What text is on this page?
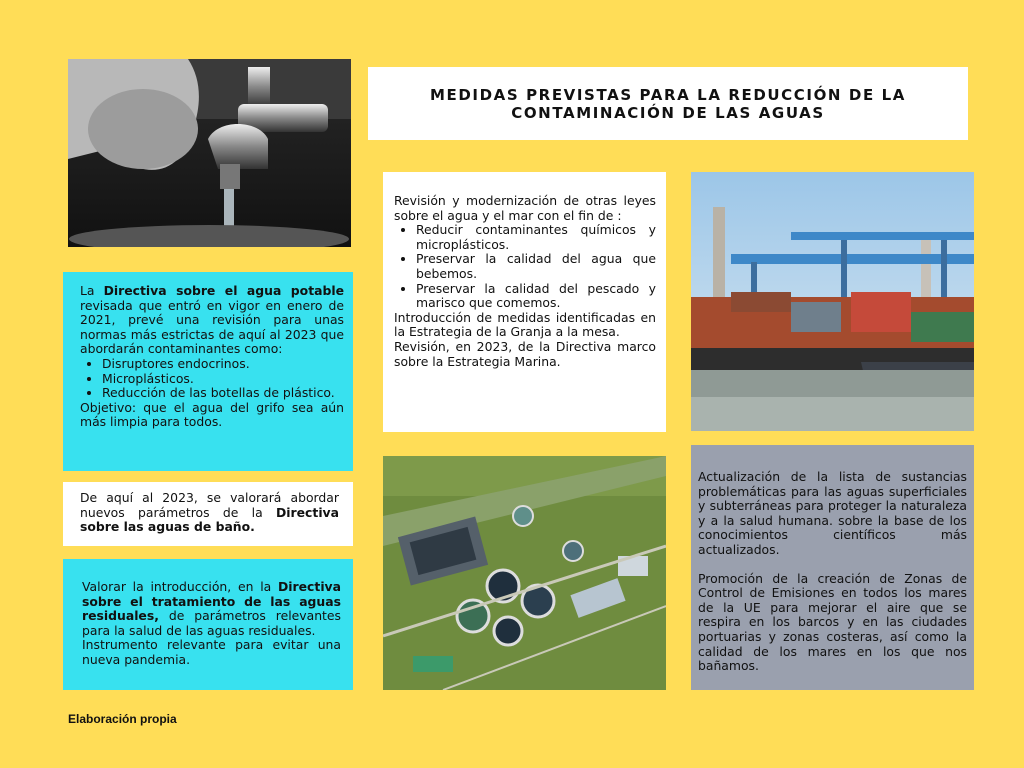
MEDIDAS PREVISTAS PARA LA REDUCCIÓN DE LA
CONTAMINACIÓN DE LAS AGUAS
La Directiva sobre el agua potable revisada que entró en vigor en enero de 2021, prevé una revisión para unas normas más estrictas de aquí al 2023 que abordarán contaminantes como:
• Disruptores endocrinos.
• Microplásticos.
• Reducción de las botellas de plástico.
Objetivo: que el agua del grifo sea aún más limpia para todos.
De aquí al 2023, se valorará abordar nuevos parámetros de la Directiva sobre las aguas de baño.
Valorar la introducción, en la Directiva sobre el tratamiento de las aguas residuales, de parámetros relevantes para la salud de las aguas residuales.
Instrumento relevante para evitar una nueva pandemia.
Revisión y modernización de otras leyes sobre el agua y el mar con el fin de :
• Reducir contaminantes químicos y microplásticos.
• Preservar la calidad del agua que bebemos.
• Preservar la calidad del pescado y marisco que comemos.
Introducción de medidas identificadas en la Estrategia de la Granja a la mesa.
Revisión, en 2023, de la Directiva marco sobre la Estrategia Marina.
Actualización de la lista de sustancias problemáticas para las aguas superficiales y subterráneas para proteger la naturaleza y a la salud humana. sobre la base de los conocimientos científicos más actualizados.
Promoción de la creación de Zonas de Control de Emisiones en todos los mares de la UE para mejorar el aire que se respira en los barcos y en las ciudades portuarias y zonas costeras, así como la calidad de los mares en los que nos bañamos.
Elaboración propia
